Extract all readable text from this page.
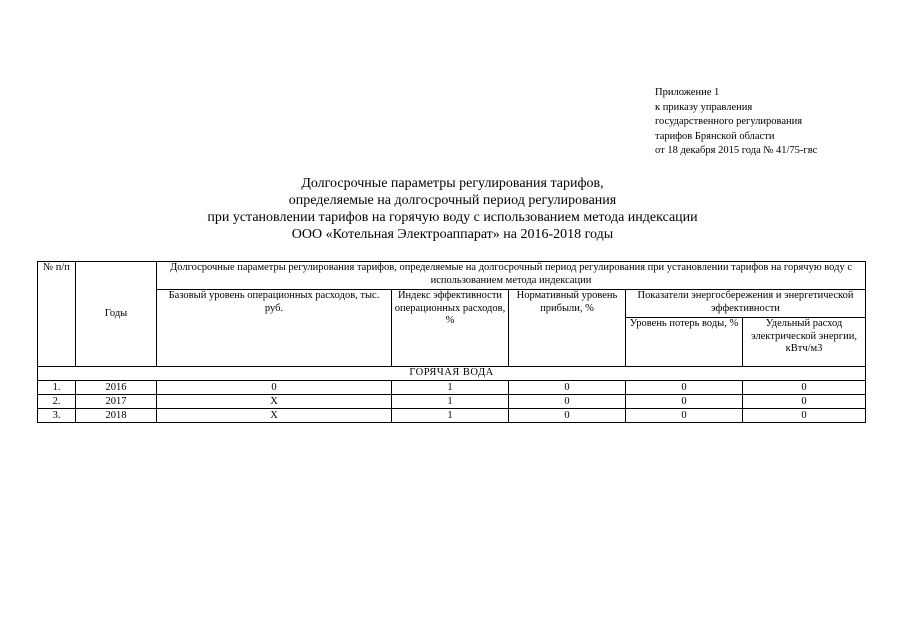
Приложение 1
к приказу управления
государственного регулирования
тарифов Брянской области
от 18 декабря 2015 года № 41/75-гвс
Долгосрочные параметры регулирования тарифов,
определяемые на долгосрочный период регулирования
при установлении тарифов на горячую воду с использованием метода индексации
ООО «Котельная Электроаппарат» на 2016-2018 годы
№ п/п	Годы	Долгосрочные параметры регулирования тарифов, определяемые на долгосрочный период регулирования при установлении тарифов на горячую воду с использованием метода индексации				
		Базовый уровень операционных расходов, тыс. руб.	Индекс эффективности операционных расходов, %	Нормативный уровень прибыли, %	Показатели энергосбережения и энергетической эффективности	
					Уровень потерь воды, %	Удельный расход электрической энергии, кВтч/м3
ГОРЯЧАЯ ВОДА						
1.	2016	0	1	0	0	0
2.	2017	Х	1	0	0	0
3.	2018	Х	1	0	0	0
